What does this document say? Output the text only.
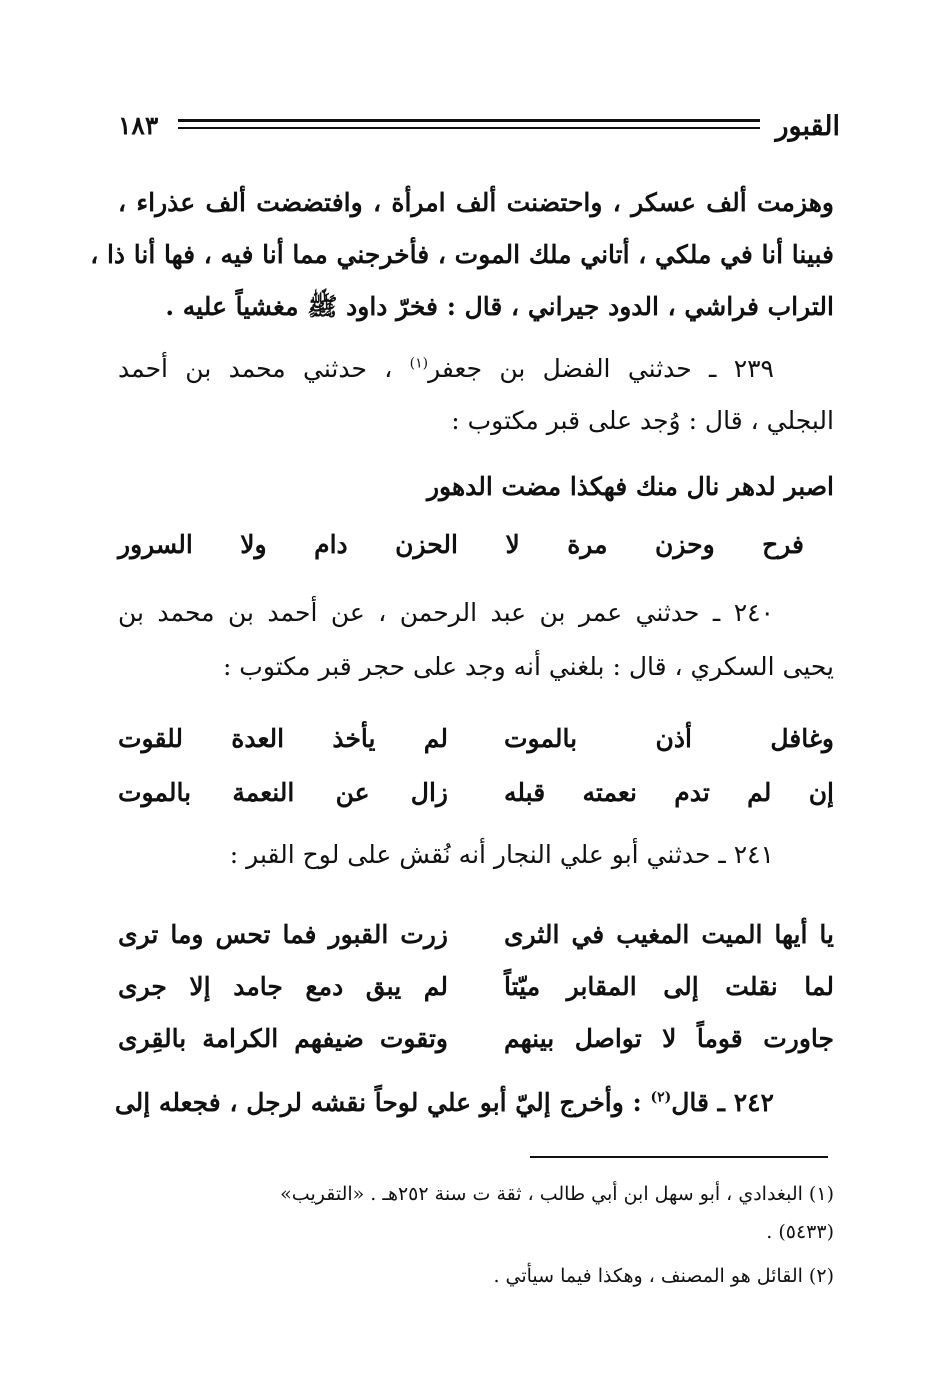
القبور
١٨٣
وهزمت ألف عسكر ، واحتضنت ألف امرأة ، وافتضضت ألف عذراء ،
فبينا أنا في ملكي ، أتاني ملك الموت ، فأخرجني مما أنا فيه ، فها أنا ذا ،
التراب فراشي ، الدود جيراني ، قال : فخرّ داود ﷺ مغشياً عليه .
٢٣٩ ـ حدثني الفضل بن جعفر$^{(١)}$ ، حدثني محمد بن أحمد
البجلي ، قال : وُجد على قبر مكتوب :
اصبر لدهر نال منك فهكذا مضت الدهور
فرح وحزن مرة لا الحزن دام ولا السرور
٢٤٠ ـ حدثني عمر بن عبد الرحمن ، عن أحمد بن محمد بن
يحيى السكري ، قال : بلغني أنه وجد على حجر قبر مكتوب :
وغافل أذن بالموت
لم يأخذ العدة للقوت
إن لم تدم نعمته قبله
زال عن النعمة بالموت
٢٤١ ـ حدثني أبو علي النجار أنه نُقش على لوح القبر :
يا أيها الميت المغيب في الثرى
زرت القبور فما تحس وما ترى
لما نقلت إلى المقابر ميّتاً
لم يبق دمع جامد إلا جرى
جاورت قوماً لا تواصل بينهم
وتقوت ضيفهم الكرامة بالقِرى
٢٤٢ ـ قال$^{(٢)}$ : وأخرج إليّ أبو علي لوحاً نقشه لرجل ، فجعله إلى
(١) البغدادي ، أبو سهل ابن أبي طالب ، ثقة ت سنة ٢٥٢هـ . «التقريب»
(٥٤٣٣) .
(٢) القائل هو المصنف ، وهكذا فيما سيأتي .
